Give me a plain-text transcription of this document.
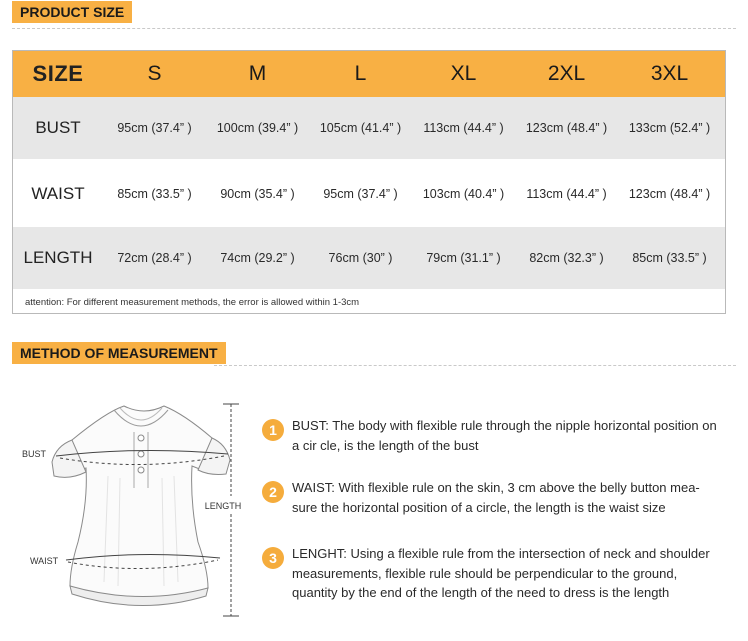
PRODUCT SIZE
SIZE	S	M	L	XL	2XL	3XL
BUST	95cm (37.4” )	100cm (39.4” )	105cm (41.4” )	113cm (44.4” )	123cm (48.4” )	133cm (52.4” )
WAIST	85cm (33.5” )	90cm (35.4” )	95cm (37.4” )	103cm (40.4” )	113cm (44.4” )	123cm (48.4” )
LENGTH	72cm (28.4” )	74cm (29.2” )	76cm (30” )	79cm (31.1” )	82cm (32.3” )	85cm (33.5” )
attention: For different measurement methods, the error is allowed within 1-3cm
METHOD OF MEASUREMENT
LENGTH
BUST
WAIST
1	BUST: The body with flexible rule through the nipple horizontal position on a cir cle, is the length of the bust
2	WAIST: With flexible rule on the skin, 3 cm above the belly button mea-sure the horizontal position of a circle, the length is the waist size
3	LENGHT: Using a flexible rule from the intersection of neck and shoulder measurements, flexible rule should be perpendicular to the ground, quantity by the end of the length of the need to dress is the length
